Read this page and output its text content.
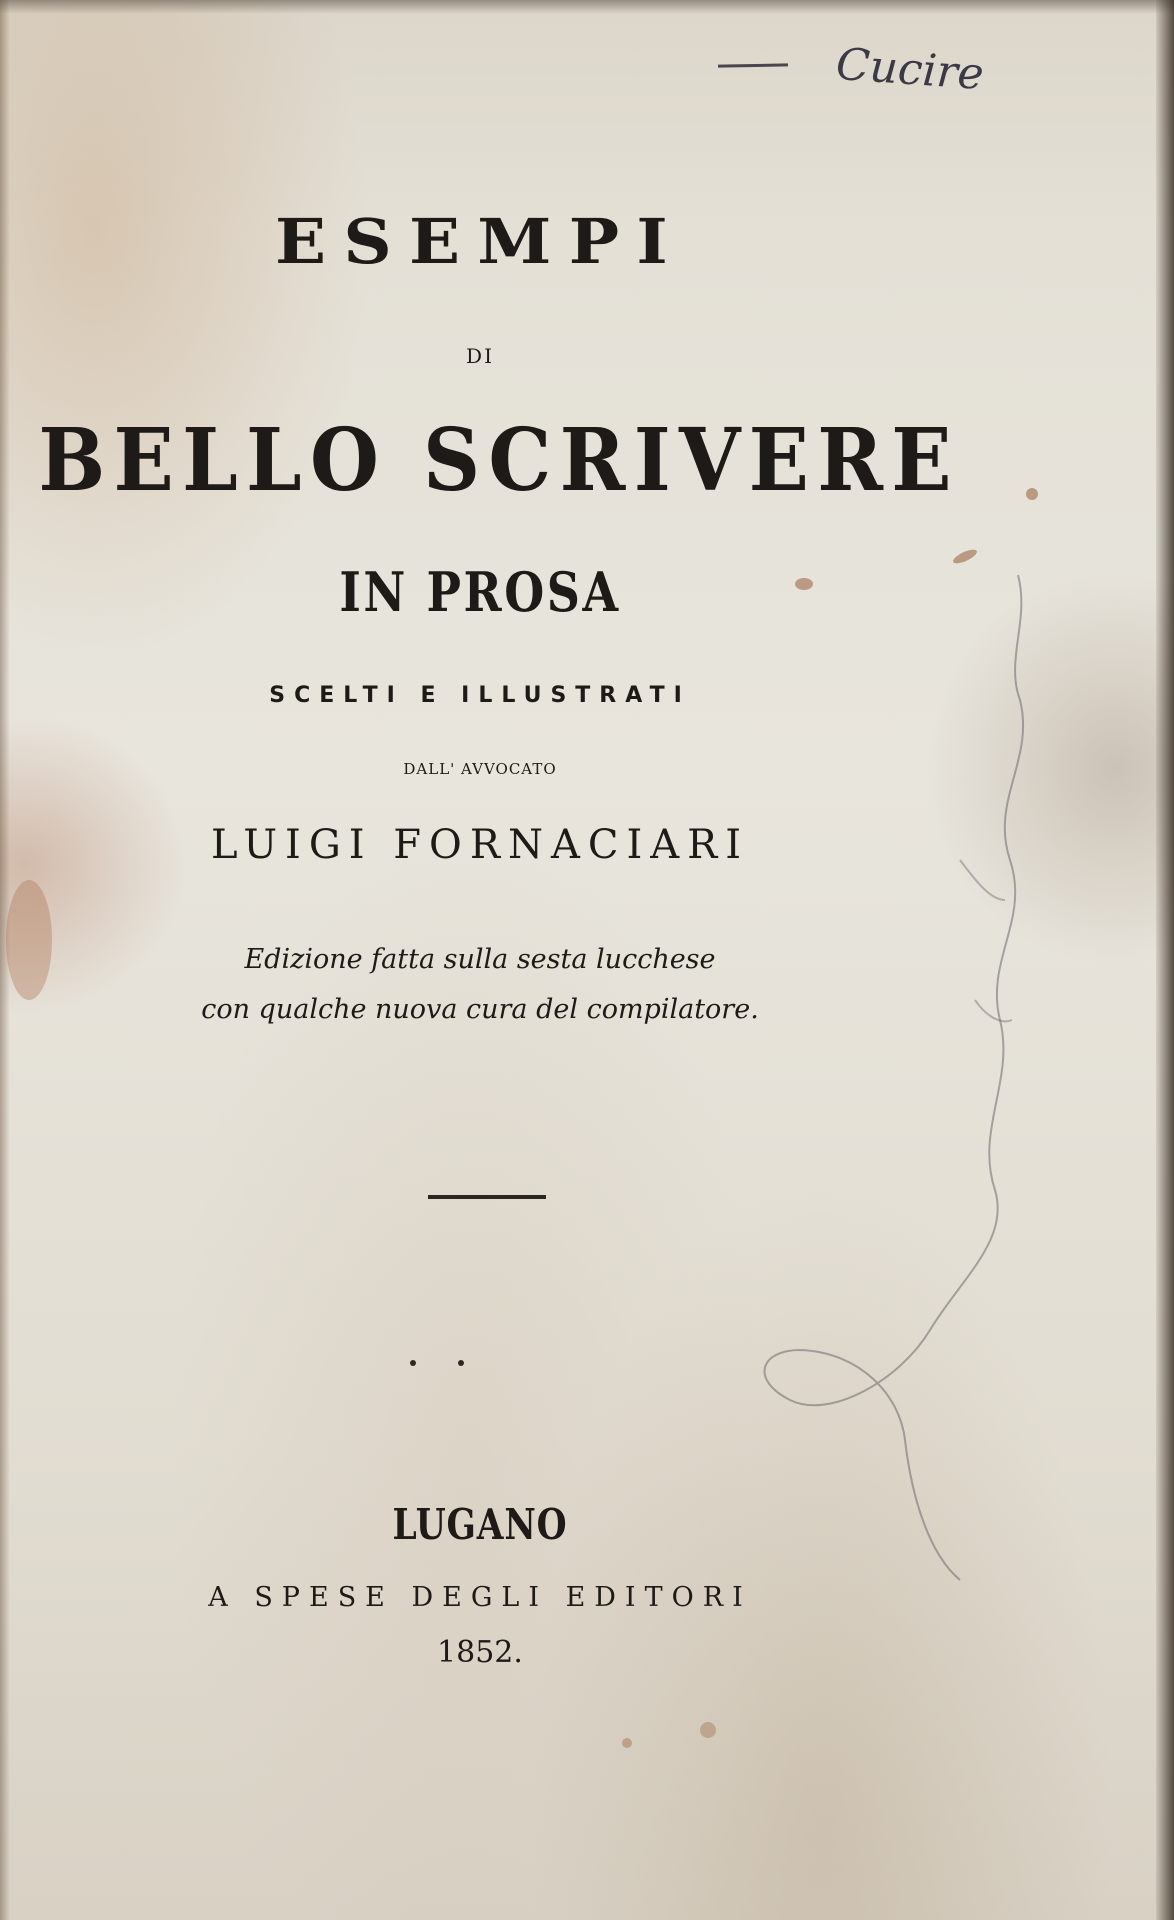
Cucire
ESEMPI
DI
BELLO SCRIVERE
IN PROSA
SCELTI E ILLUSTRATI
DALL' AVVOCATO
LUIGI FORNACIARI
Edizione fatta sulla sesta lucchese
con qualche nuova cura del compilatore.
LUGANO
A SPESE DEGLI EDITORI
1852.
